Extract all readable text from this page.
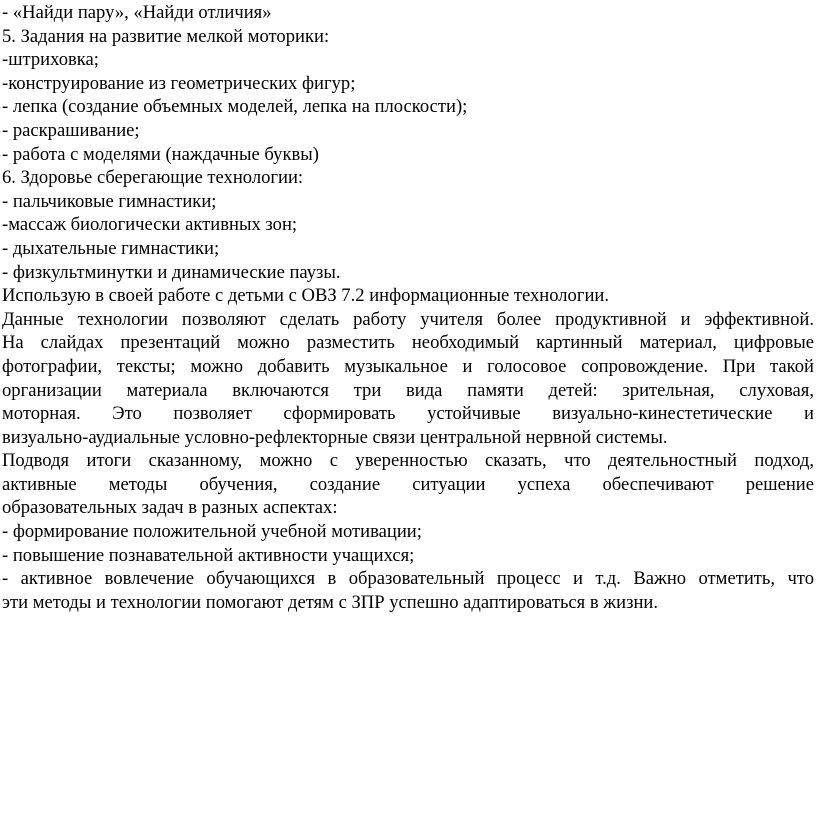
- «Найди пару», «Найди отличия»
5. Задания на развитие мелкой моторики:
-штриховка;
-конструирование из геометрических фигур;
- лепка (создание объемных моделей, лепка на плоскости);
- раскрашивание;
- работа с моделями (наждачные буквы)
6. Здоровье сберегающие технологии:
- пальчиковые гимнастики;
-массаж биологически активных зон;
- дыхательные гимнастики;
- физкультминутки и динамические паузы.
Использую в своей работе с детьми с ОВЗ 7.2 информационные технологии.
Данные технологии позволяют сделать работу учителя более продуктивной и эффективной.
На слайдах презентаций можно разместить необходимый картинный материал, цифровые
фотографии, тексты; можно добавить музыкальное и голосовое сопровождение. При такой
организации материала включаются три вида памяти детей: зрительная, слуховая,
моторная. Это позволяет сформировать устойчивые визуально-кинестетические и
визуально-аудиальные условно-рефлекторные связи центральной нервной системы.
Подводя итоги сказанному, можно с уверенностью сказать, что деятельностный подход,
активные методы обучения, создание ситуации успеха обеспечивают решение
образовательных задач в разных аспектах:
- формирование положительной учебной мотивации;
- повышение познавательной активности учащихся;
- активное вовлечение обучающихся в образовательный процесс и т.д. Важно отметить, что
эти методы и технологии помогают детям с ЗПР успешно адаптироваться в жизни.
